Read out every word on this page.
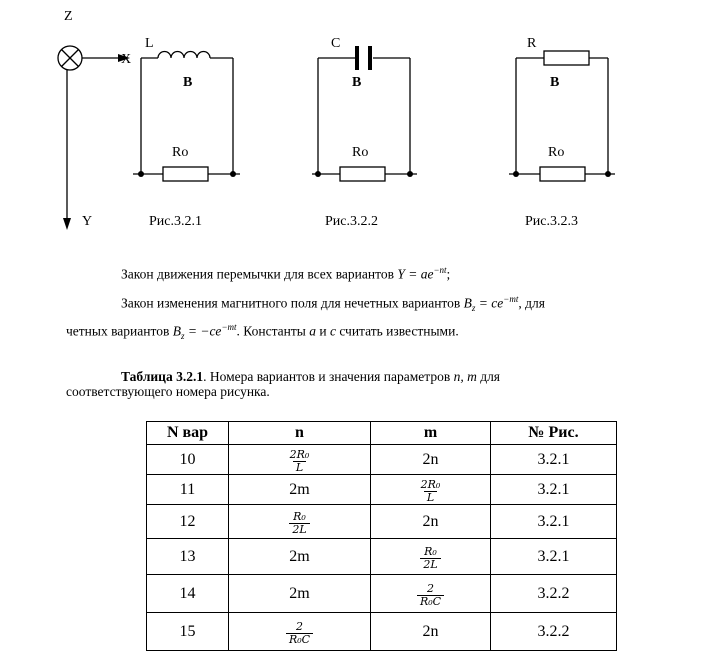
Z
X
Y
L
B
Ro
Рис.3.2.1
C
B
Ro
Рис.3.2.2
R
B
Ro
Рис.3.2.3
Закон движения перемычки для всех вариантов $Y = ae^{-nt}$;
Закон изменения магнитного поля для нечетных вариантов $B_z = ce^{-mt}$, для
четных вариантов $B_z = -ce^{-mt}$. Константы a и c считать известными.
Таблица 3.2.1. Номера вариантов и значения параметров n, m для
соответствующего номера рисунка.
N вар	n	m	№ Рис.
10	$\frac{\text{2R₀}}{L}$	2n	3.2.1
11	2m	$\frac{\text{2R₀}}{L}$	3.2.1
12	$\frac{\text{R₀}}{2L}$	2n	3.2.1
13	2m	$\frac{\text{R₀}}{2L}$	3.2.1
14	2m	$\frac{2}{\text{R₀C}}$	3.2.2
15	$\frac{2}{\text{R₀C}}$	2n	3.2.2
